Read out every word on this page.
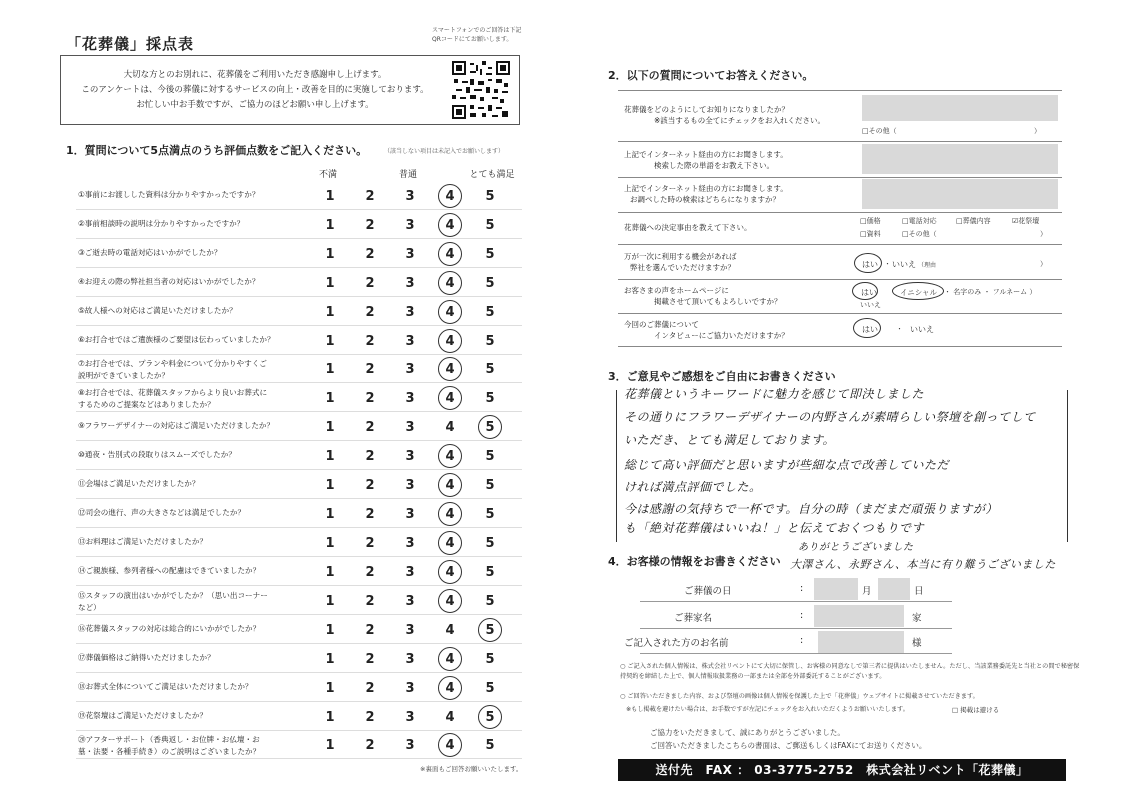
「花葬儀」採点表
スマートフォンでのご回答は下記QRコードにてお願いします。
大切な方とのお別れに、花葬儀をご利用いただき感謝申し上げます。
このアンケートは、今後の葬儀に対するサービスの向上・改善を目的に実施しております。
お忙しい中お手数ですが、ご協力のほどお願い申し上げます。
1．質問について5点満点のうち評価点数をご記入ください。	（該当しない項目は未記入でお願いします）
不満	普通	とても満足
①事前にお渡しした資料は分かりやすかったですか？	1	2	3	4	5
②事前相談時の説明は分かりやすかったですか？	1	2	3	4	5
③ご逝去時の電話対応はいかがでしたか？	1	2	3	4	5
④お迎えの際の弊社担当者の対応はいかがでしたか？	1	2	3	4	5
⑤故人様への対応はご満足いただけましたか？	1	2	3	4	5
⑥お打合せではご遺族様のご要望は伝わっていましたか？	1	2	3	4	5
⑦お打合せでは、プランや料金について分かりやすくご説明ができていましたか？	1	2	3	4	5
⑧お打合せでは、花葬儀スタッフからより良いお葬式にするためのご提案などはありましたか？	1	2	3	4	5
⑨フラワーデザイナーの対応はご満足いただけましたか？	1	2	3	4	5
⑩通夜・告別式の段取りはスムーズでしたか？	1	2	3	4	5
⑪会場はご満足いただけましたか？	1	2	3	4	5
⑫司会の進行、声の大きさなどは満足でしたか？	1	2	3	4	5
⑬お料理はご満足いただけましたか？	1	2	3	4	5
⑭ご親族様、参列者様への配慮はできていましたか？	1	2	3	4	5
⑮スタッフの演出はいかがでしたか？（思い出コーナーなど）	1	2	3	4	5
⑯花葬儀スタッフの対応は総合的にいかがでしたか？	1	2	3	4	5
⑰葬儀価格はご納得いただけましたか？	1	2	3	4	5
⑱お葬式全体についてご満足はいただけましたか？	1	2	3	4	5
⑲花祭壇はご満足いただけましたか？	1	2	3	4	5
⑳アフターサポート（香典返し・お位牌・お仏壇・お墓・法要・各種手続き）のご説明はございましたか？	1	2	3	4	5
※裏面もご回答お願いいたします。
2．以下の質問についてお答えください。
花葬儀をどのようにしてお知りになりましたか？
※該当するもの全てにチェックをお入れください。
□その他（	）
上記でインターネット経由の方にお聞きします。
検索した際の単語をお教え下さい。
上記でインターネット経由の方にお聞きします。
お調べした時の検索はどちらになりますか？
花葬儀への決定事由を教えて下さい。
□価格	□電話対応	□葬儀内容	☑花祭壇
□資料	□その他（	）
万が一次に利用する機会があれば
弊社を選んでいただけますか？	はい ・ いいえ （理由	）
お客さまの声をホームページに
掲載させて頂いてもよろしいですか？
はい	イニシャル ・ 名字のみ ・ フルネーム ）
いいえ
今回のご葬儀について
インタビューにご協力いただけますか？
はい	・ いいえ
3．ご意見やご感想をご自由にお書きください
花葬儀というキーワードに魅力を感じて即決しました
その通りにフラワーデザイナーの内野さんが素晴らしい祭壇を創ってして
いただき、とても満足しております。
総じて高い評価だと思いますが些細な点で改善していただ
ければ満点評価でした。
今は感謝の気持ちで一杯です。自分の時（まだまだ頑張りますが）
も「絶対花葬儀はいいね！」と伝えておくつもりです
ありがとうございました
大澤さん、永野さん、本当に有り難うございました
4．お客様の情報をお書きください
ご葬儀の日	:	月	日
ご葬家名	:	家
ご記入された方のお名前	:	様
○ ご記入された個人情報は、株式会社リベントにて大切に保管し、お客様の同意なしで第三者に提供はいたしません。ただし、当該業務委託先と当社との間で秘密保持契約を締結した上で、個人情報取扱業務の一部または全部を外部委託することがございます。
○ ご回答いただきました内容、および祭壇の画像は個人情報を保護した上で「花葬儀」ウェブサイトに掲載させていただきます。
※もし掲載を避けたい場合は、お手数ですが左記にチェックをお入れいただくようお願いいたします。	□ 掲載は避ける
ご協力をいただきまして、誠にありがとうございました。
ご回答いただきましたこちらの書面は、ご郵送もしくはFAXにてお送りください。
送付先　FAX ： 03-3775-2752　株式会社リベント「花葬儀」
